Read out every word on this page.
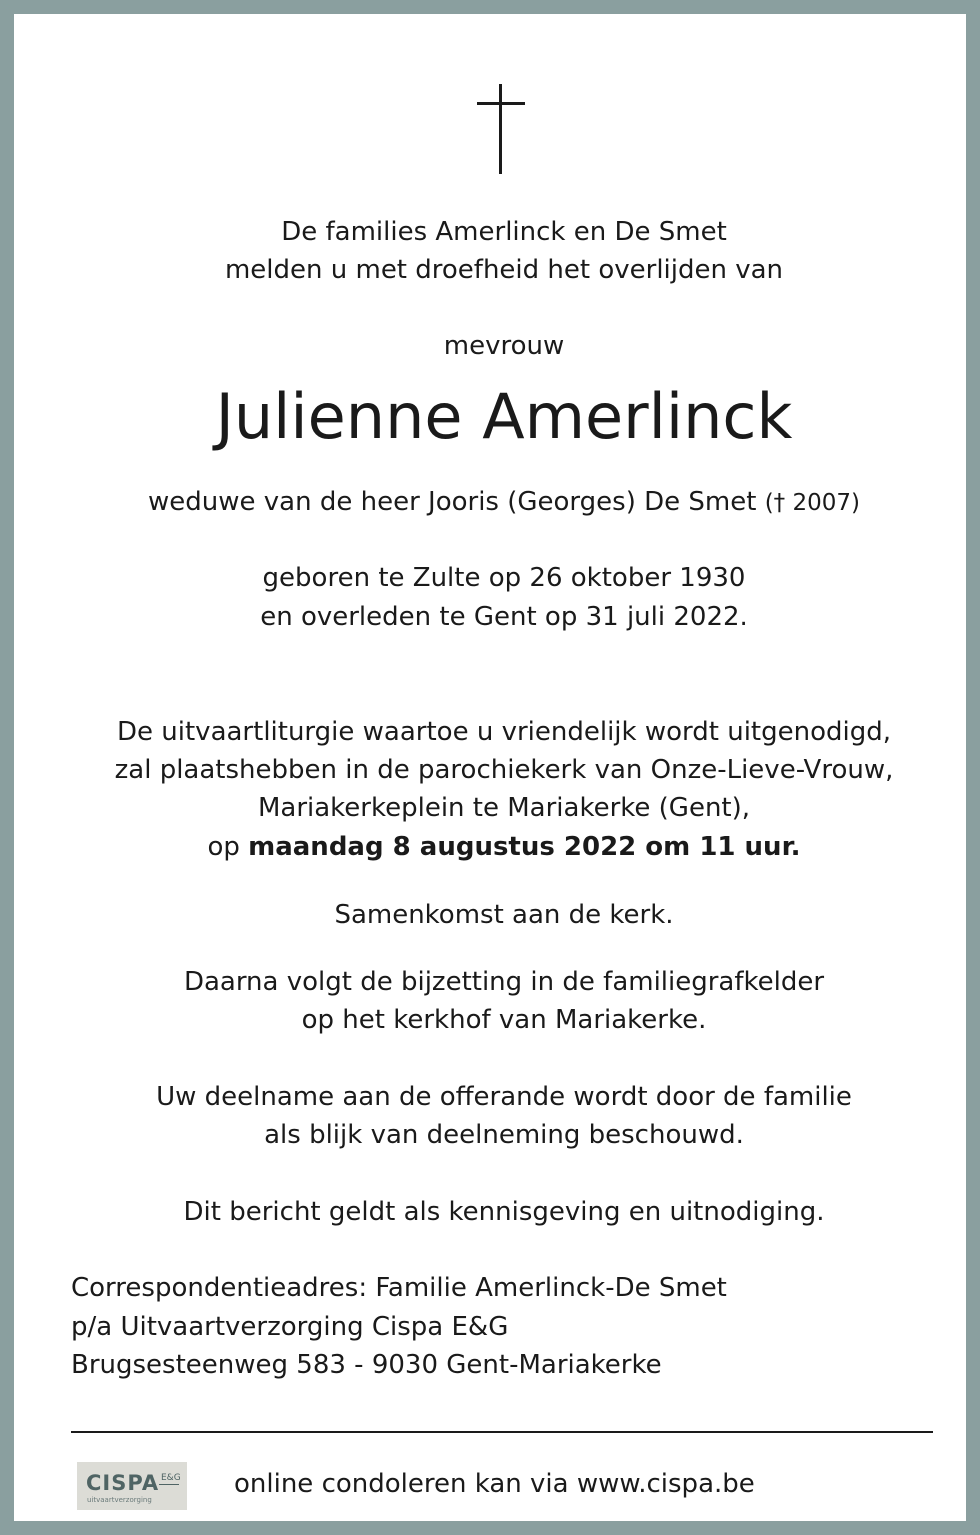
De families Amerlinck en De Smet
melden u met droefheid het overlijden van
mevrouw
Julienne Amerlinck
weduwe van de heer Jooris (Georges) De Smet († 2007)
geboren te Zulte op 26 oktober 1930
en overleden te Gent op 31 juli 2022.
De uitvaartliturgie waartoe u vriendelijk wordt uitgenodigd,
zal plaatshebben in de parochiekerk van Onze-Lieve-Vrouw,
Mariakerkeplein te Mariakerke (Gent),
op maandag 8 augustus 2022 om 11 uur.
Samenkomst aan de kerk.
Daarna volgt de bijzetting in de familiegrafkelder
op het kerkhof van Mariakerke.
Uw deelname aan de offerande wordt door de familie
als blijk van deelneming beschouwd.
Dit bericht geldt als kennisgeving en uitnodiging.
Correspondentieadres: Familie Amerlinck-De Smet
p/a Uitvaartverzorging Cispa E&G
Brugsesteenweg 583 - 9030 Gent-Mariakerke
CISPA E&G
uitvaartverzorging
online condoleren kan via www.cispa.be
